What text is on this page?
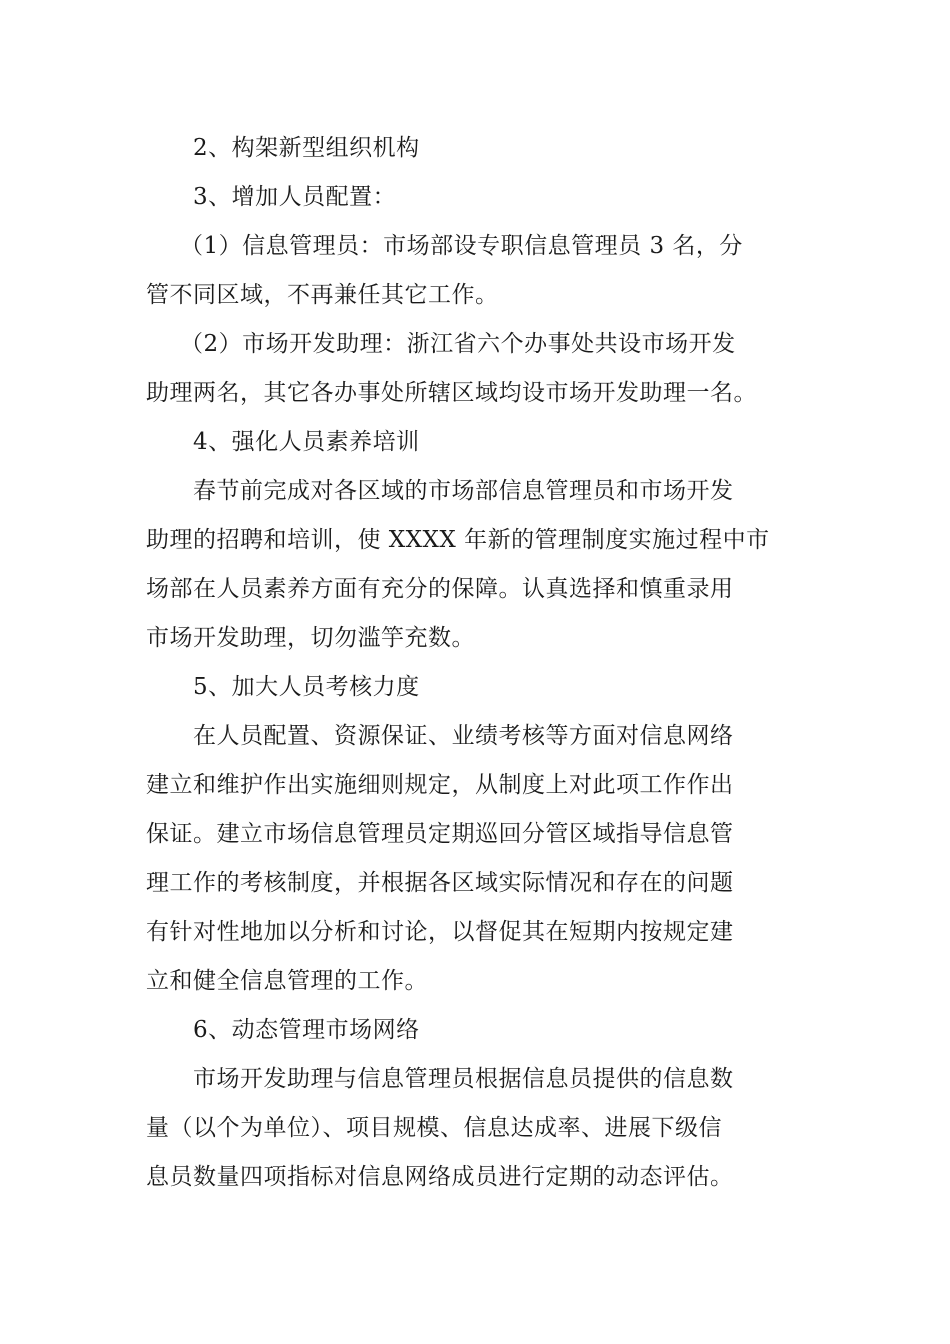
2、构架新型组织机构
3、增加人员配置：
（1）信息管理员：市场部设专职信息管理员 3 名，分
管不同区域，不再兼任其它工作。
（2）市场开发助理：浙江省六个办事处共设市场开发
助理两名，其它各办事处所辖区域均设市场开发助理一名。
4、强化人员素养培训
春节前完成对各区域的市场部信息管理员和市场开发
助理的招聘和培训，使 XXXX 年新的管理制度实施过程中市
场部在人员素养方面有充分的保障。认真选择和慎重录用
市场开发助理，切勿滥竽充数。
5、加大人员考核力度
在人员配置、资源保证、业绩考核等方面对信息网络
建立和维护作出实施细则规定，从制度上对此项工作作出
保证。建立市场信息管理员定期巡回分管区域指导信息管
理工作的考核制度，并根据各区域实际情况和存在的问题
有针对性地加以分析和讨论，以督促其在短期内按规定建
立和健全信息管理的工作。
6、动态管理市场网络
市场开发助理与信息管理员根据信息员提供的信息数
量（以个为单位）、项目规模、信息达成率、进展下级信
息员数量四项指标对信息网络成员进行定期的动态评估。
